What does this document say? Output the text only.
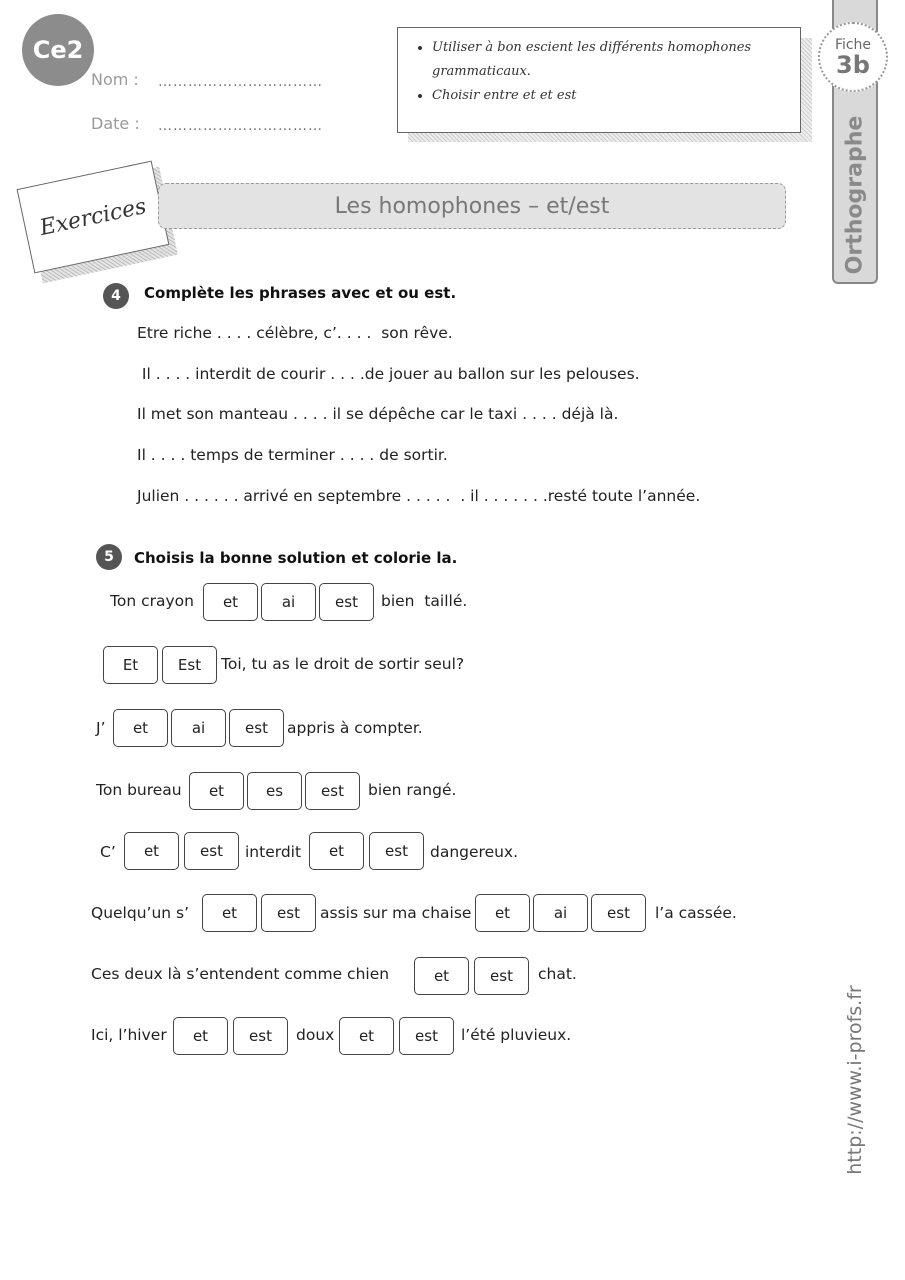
Ce2
Nom : ……………………………
Date : ……………………………
• Utiliser à bon escient les différents homophones grammaticaux.
• Choisir entre et et est
Fiche
3b
Orthographe
Exercices	Les homophones – et/est
4	Complète les phrases avec et ou est.
Etre riche . . . . célèbre, c’. . . .  son rêve.
Il . . . . interdit de courir . . . .de jouer au ballon sur les pelouses.
Il met son manteau . . . . il se dépêche car le taxi . . . . déjà là.
Il . . . . temps de terminer . . . . de sortir.
Julien . . . . . . arrivé en septembre . . . . .  . il . . . . . . .resté toute l’année.
5	Choisis la bonne solution et colorie la.
Ton crayon	et	ai	est	bien  taillé.
Et	Est	Toi, tu as le droit de sortir seul?
J’	et	ai	est	appris à compter.
Ton bureau	et	es	est	bien rangé.
C’	et	est	interdit	et	est	dangereux.
Quelqu’un s’	et	est	assis sur ma chaise	et	ai	est	l’a cassée.
Ces deux là s’entendent comme chien	et	est	chat.
Ici, l’hiver	et	est	doux	et	est	l’été pluvieux.	http://www.i-profs.fr
